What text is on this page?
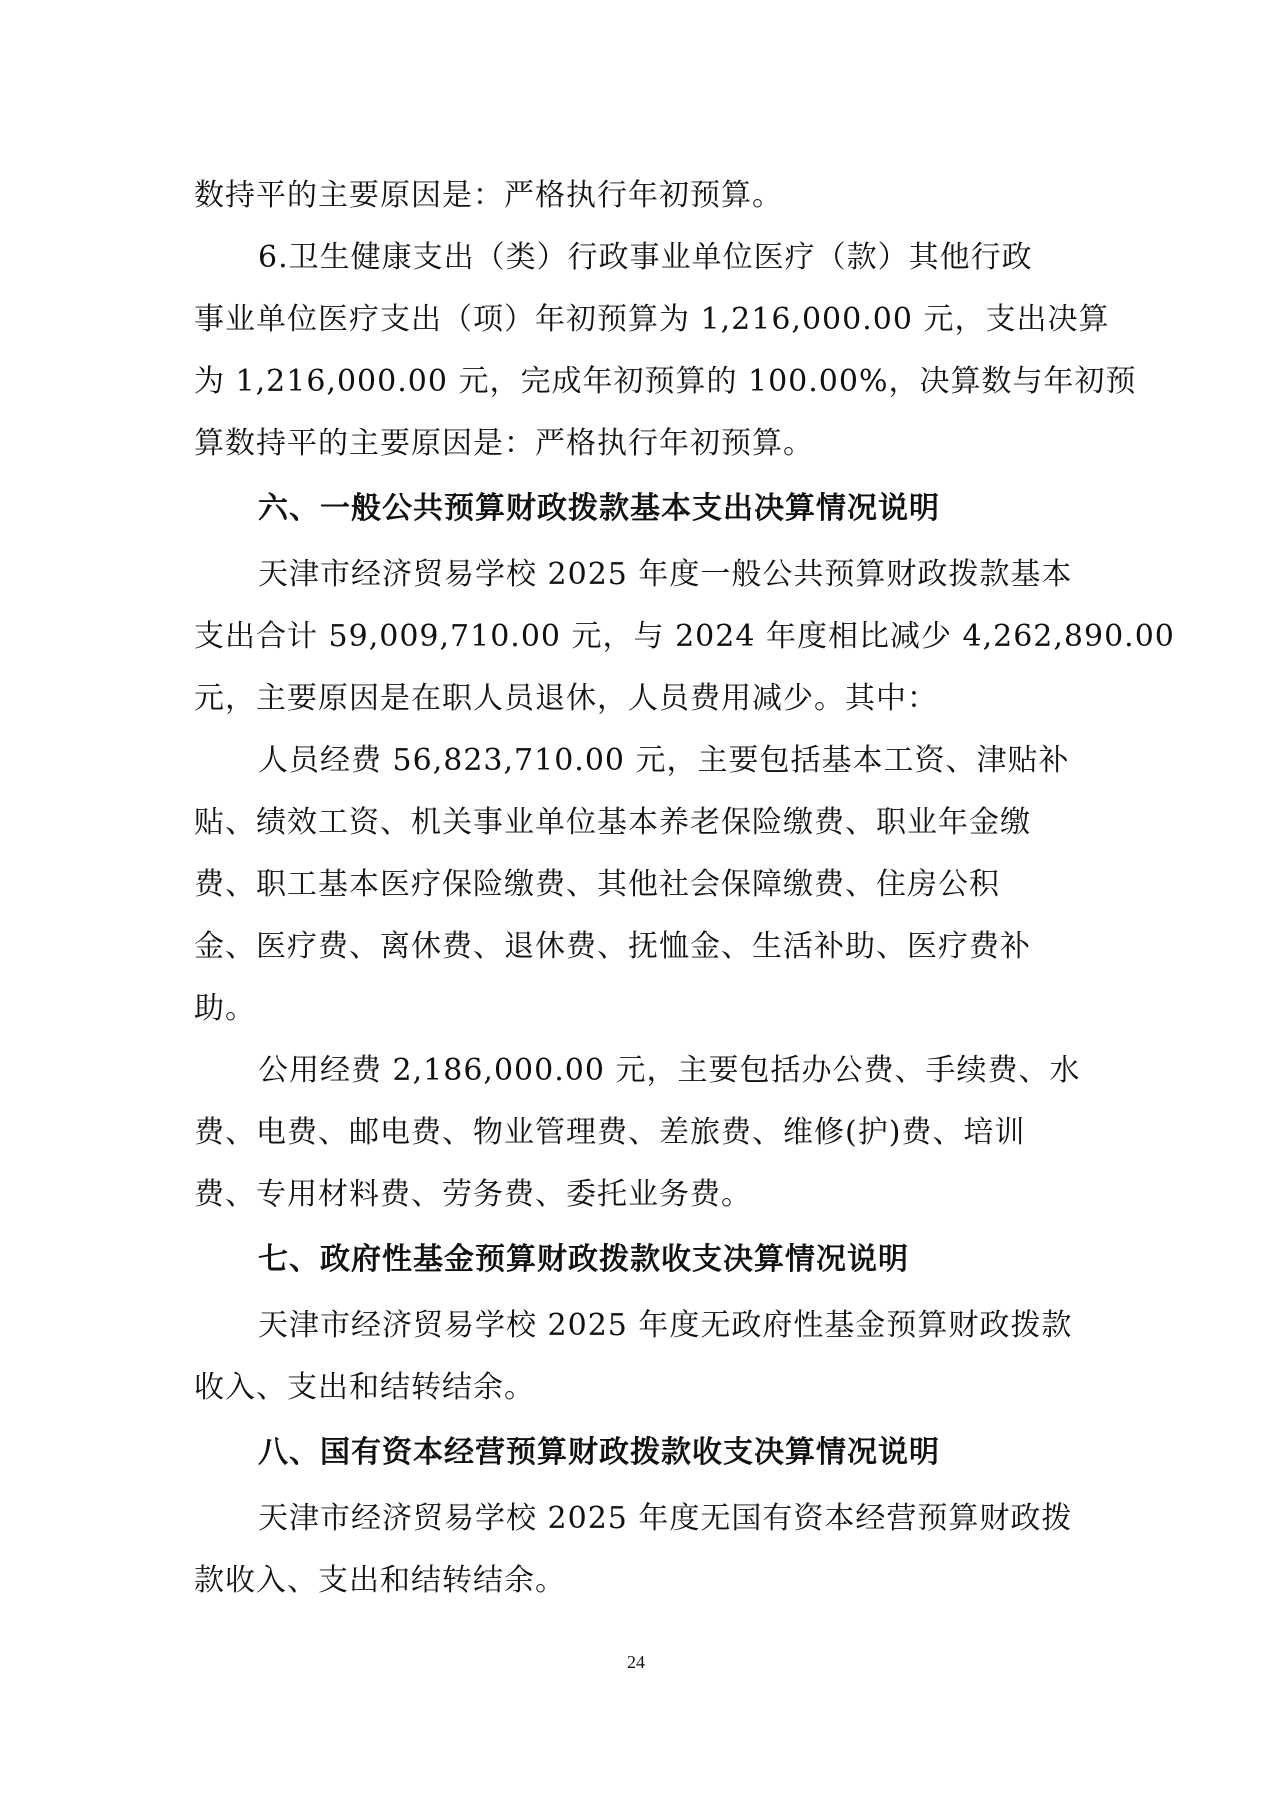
数持平的主要原因是：严格执行年初预算。
6.卫生健康支出（类）行政事业单位医疗（款）其他行政
事业单位医疗支出（项）年初预算为 1,216,000.00 元，支出决算
为 1,216,000.00 元，完成年初预算的 100.00%，决算数与年初预
算数持平的主要原因是：严格执行年初预算。
六、一般公共预算财政拨款基本支出决算情况说明
天津市经济贸易学校 2025 年度一般公共预算财政拨款基本
支出合计 59,009,710.00 元，与 2024 年度相比减少 4,262,890.00
元，主要原因是在职人员退休，人员费用减少。其中：
人员经费 56,823,710.00 元，主要包括基本工资、津贴补
贴、绩效工资、机关事业单位基本养老保险缴费、职业年金缴
费、职工基本医疗保险缴费、其他社会保障缴费、住房公积
金、医疗费、离休费、退休费、抚恤金、生活补助、医疗费补
助。
公用经费 2,186,000.00 元，主要包括办公费、手续费、水
费、电费、邮电费、物业管理费、差旅费、维修(护)费、培训
费、专用材料费、劳务费、委托业务费。
七、政府性基金预算财政拨款收支决算情况说明
天津市经济贸易学校 2025 年度无政府性基金预算财政拨款
收入、支出和结转结余。
八、国有资本经营预算财政拨款收支决算情况说明
天津市经济贸易学校 2025 年度无国有资本经营预算财政拨
款收入、支出和结转结余。
24
